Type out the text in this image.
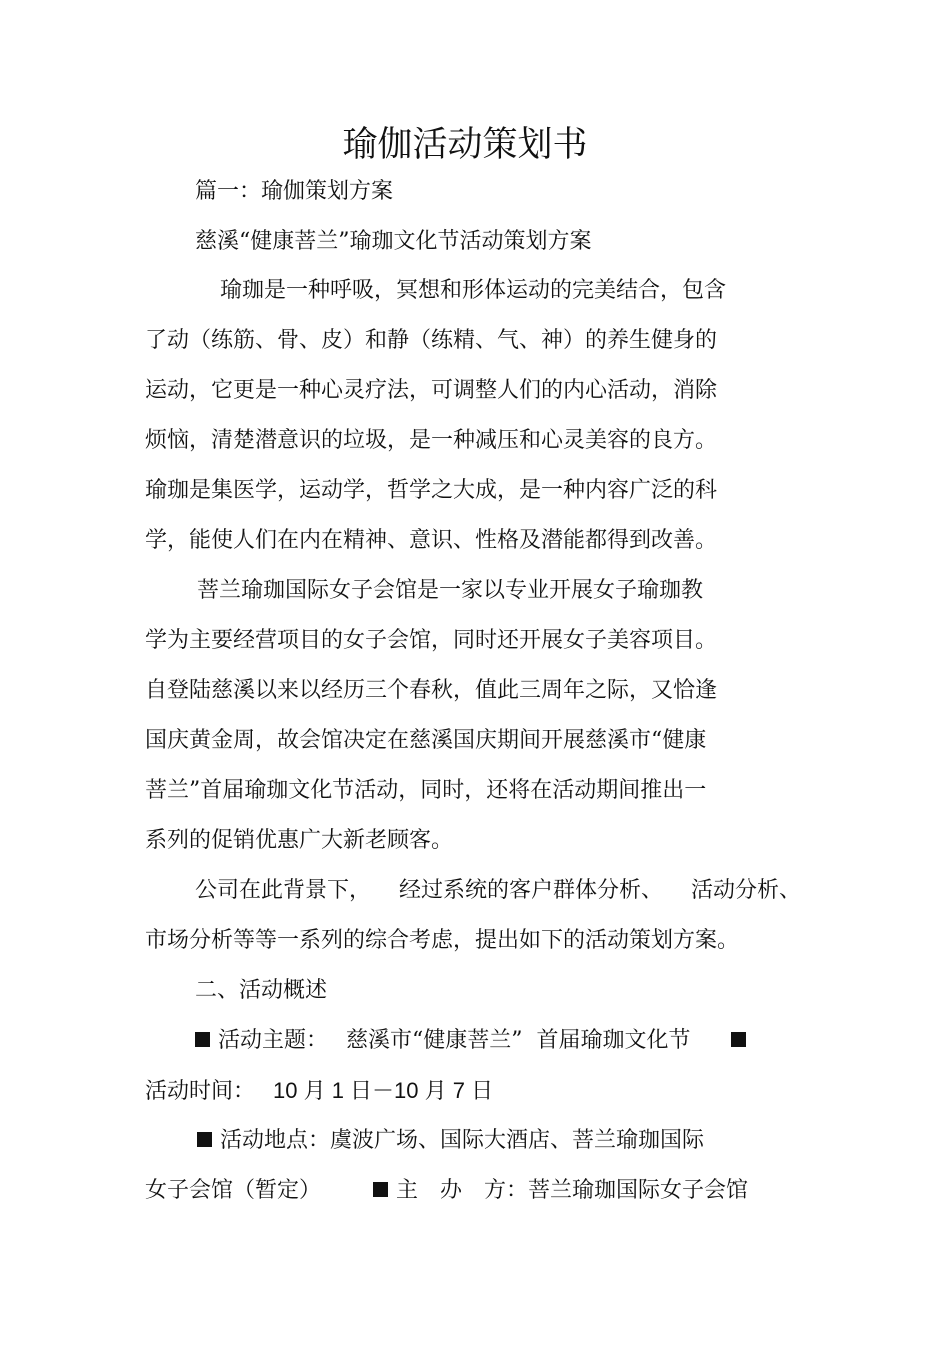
瑜伽活动策划书
篇一：瑜伽策划方案
慈溪“健康菩兰”瑜珈文化节活动策划方案
瑜珈是一种呼吸，冥想和形体运动的完美结合，包含
了动（练筋、骨、皮）和静（练精、气、神）的养生健身的
运动，它更是一种心灵疗法，可调整人们的内心活动，消除
烦恼，清楚潜意识的垃圾，是一种减压和心灵美容的良方。
瑜珈是集医学，运动学，哲学之大成，是一种内容广泛的科
学，能使人们在内在精神、意识、性格及潜能都得到改善。
菩兰瑜珈国际女子会馆是一家以专业开展女子瑜珈教
学为主要经营项目的女子会馆，同时还开展女子美容项目。
自登陆慈溪以来以经历三个春秋，值此三周年之际，又恰逢
国庆黄金周，故会馆决定在慈溪国庆期间开展慈溪市“健康
菩兰”首届瑜珈文化节活动，同时，还将在活动期间推出一
系列的促销优惠广大新老顾客。
公司在此背景下， 经过系统的客户群体分析、 活动分析、
市场分析等等一系列的综合考虑，提出如下的活动策划方案。
二、活动概述
活动主题： 慈溪市“健康菩兰” 首届瑜珈文化节
活动时间： 10 月 1 日－10 月 7 日
活动地点：虞波广场、国际大酒店、菩兰瑜珈国际
女子会馆（暂定）	主　办　方：菩兰瑜珈国际女子会馆
